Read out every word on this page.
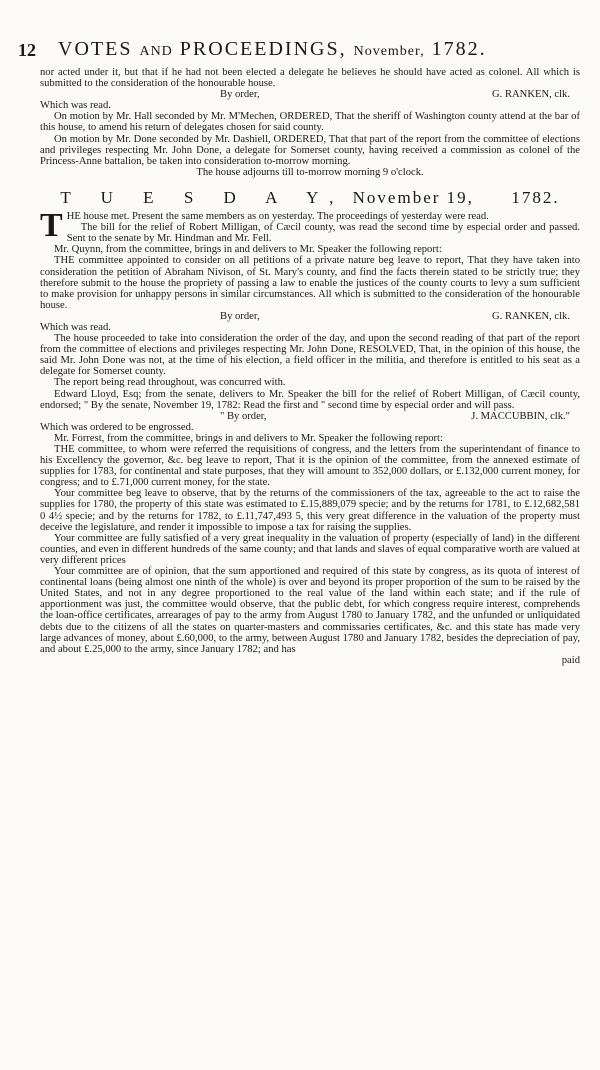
12 VOTES AND PROCEEDINGS, November, 1782.

nor acted under it, but that if he had not been elected a delegate he believes he should have acted as colonel. All which is submitted to the consideration of the honourable house.

By order,	G. RANKEN, clk.

Which was read.

On motion by Mr. Hall seconded by Mr. M'Mechen, ORDERED, That the sheriff of Washington county attend at the bar of this house, to amend his return of delegates chosen for said county.

On motion by Mr. Done seconded by Mr. Dashiell, ORDERED, That that part of the report from the committee of elections and privileges respecting Mr. John Done, a delegate for Somerset county, having received a commission as colonel of the Princess-Anne battalion, be taken into consideration to-morrow morning.

The house adjourns till to-morrow morning 9 o'clock.

T U E S D A Y, November 19, 1782.

THE house met. Present the same members as on yesterday. The proceedings of yesterday were read.

The bill for the relief of Robert Milligan, of Cæcil county, was read the second time by especial order and passed. Sent to the senate by Mr. Hindman and Mr. Fell.

Mr. Quynn, from the committee, brings in and delivers to Mr. Speaker the following report:

THE committee appointed to consider on all petitions of a private nature beg leave to report, That they have taken into consideration the petition of Abraham Nivison, of St. Mary's county, and find the facts therein stated to be strictly true; they therefore submit to the house the propriety of passing a law to enable the justices of the county courts to levy a sum sufficient to make provision for unhappy persons in similar circumstances. All which is submitted to the consideration of the honourable house.

By order,	G. RANKEN, clk.

Which was read.

The house proceeded to take into consideration the order of the day, and upon the second reading of that part of the report from the committee of elections and privileges respecting Mr. John Done, RESOLVED, That, in the opinion of this house, the said Mr. John Done was not, at the time of his election, a field officer in the militia, and therefore is entitled to his seat as a delegate for Somerset county.

The report being read throughout, was concurred with.

Edward Lloyd, Esq; from the senate, delivers to Mr. Speaker the bill for the relief of Robert Milligan, of Cæcil county, endorsed; " By the senate, November 19, 1782: Read the first and " second time by especial order and will pass.

" By order,	J. MACCUBBIN, clk."

Which was ordered to be engrossed.

Mr. Forrest, from the committee, brings in and delivers to Mr. Speaker the following report:

THE committee, to whom were referred the requisitions of congress, and the letters from the superintendant of finance to his Excellency the governor, &c. beg leave to report, That it is the opinion of the committee, from the annexed estimate of supplies for 1783, for continental and state purposes, that they will amount to 352,000 dollars, or £.132,000 current money, for congress; and to £.71,000 current money, for the state.

Your committee beg leave to observe, that by the returns of the commissioners of the tax, agreeable to the act to raise the supplies for 1780, the property of this state was estimated to £.15,889,079 specie; and by the returns for 1781, to £.12,682,581 0 4½ specie; and by the returns for 1782, to £.11,747,493 5, this very great difference in the valuation of the property must deceive the legislature, and render it impossible to impose a tax for raising the supplies.

Your committee are fully satisfied of a very great inequality in the valuation of property (especially of land) in the different counties, and even in different hundreds of the same county; and that lands and slaves of equal comparative worth are valued at very different prices

Your committee are of opinion, that the sum apportioned and required of this state by congress, as its quota of interest of continental loans (being almost one ninth of the whole) is over and beyond its proper proportion of the sum to be raised by the United States, and not in any degree proportioned to the real value of the land within each state; and if the rule of apportionment was just, the committee would observe, that the public debt, for which congress require interest, comprehends the loan-office certificates, arrearages of pay to the army from August 1780 to January 1782, and the unfunded or unliquidated debts due to the citizens of all the states on quarter-masters and commissaries certificates, &c. and this state has made very large advances of money, about £.60,000, to the army, between August 1780 and January 1782, besides the depreciation of pay, and about £.25,000 to the army, since January 1782; and has

paid
